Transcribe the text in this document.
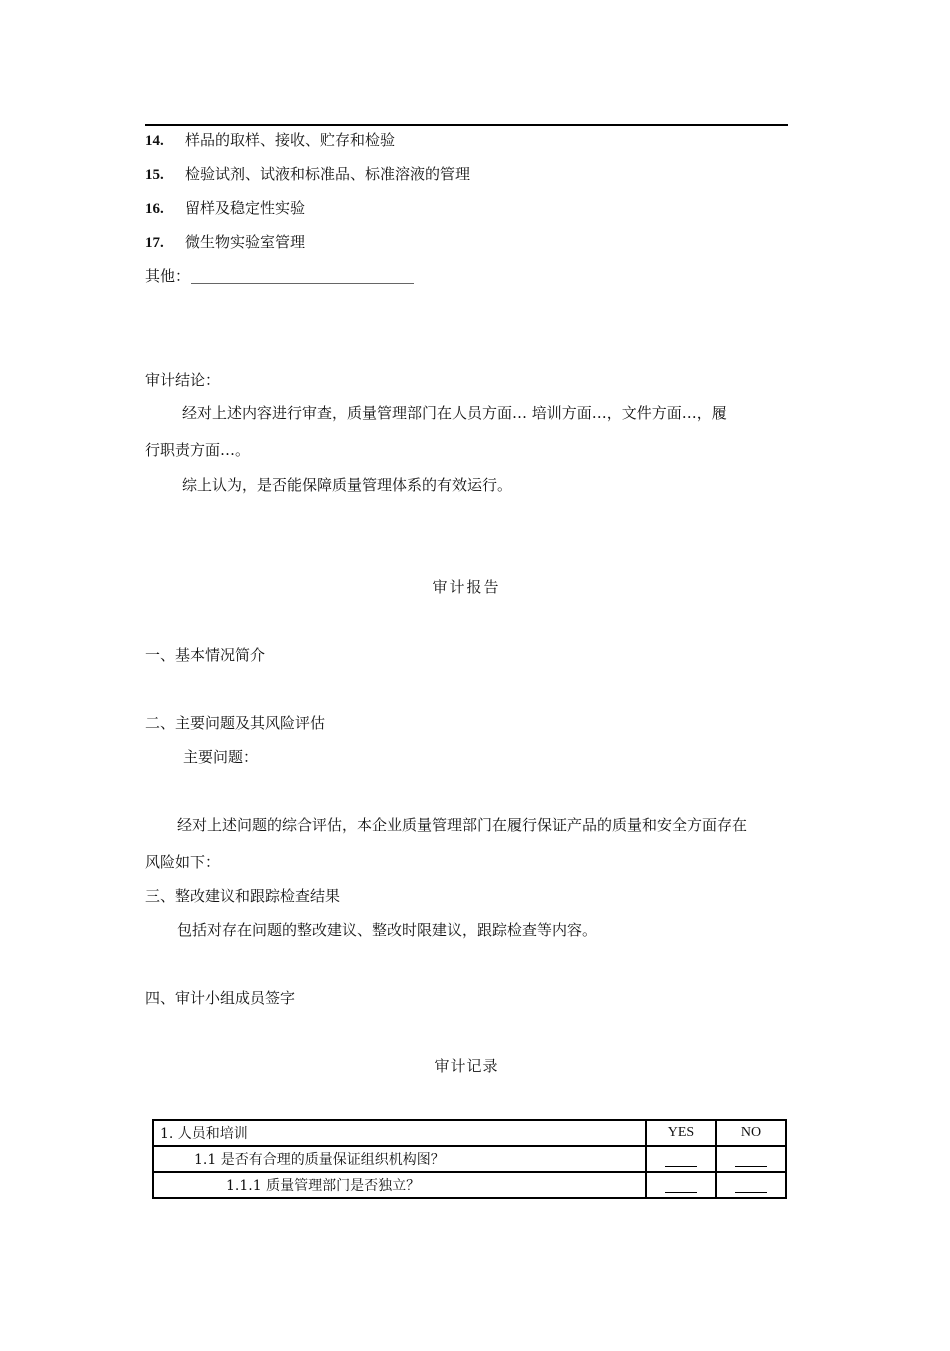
14. 样品的取样、接收、贮存和检验
15. 检验试剂、试液和标准品、标准溶液的管理
16. 留样及稳定性实验
17. 微生物实验室管理
其他：
审计结论：
经对上述内容进行审查，质量管理部门在人员方面… 培训方面…，文件方面…，履
行职责方面…。
综上认为，是否能保障质量管理体系的有效运行。
审计报告
一、基本情况简介
二、主要问题及其风险评估
主要问题：
经对上述问题的综合评估，本企业质量管理部门在履行保证产品的质量和安全方面存在
风险如下：
三、整改建议和跟踪检查结果
包括对存在问题的整改建议、整改时限建议，跟踪检查等内容。
四、审计小组成员签字
审计记录
1. 人员和培训	YES	NO
1.1 是否有合理的质量保证组织机构图？		
1.1.1 质量管理部门是否独立？		
